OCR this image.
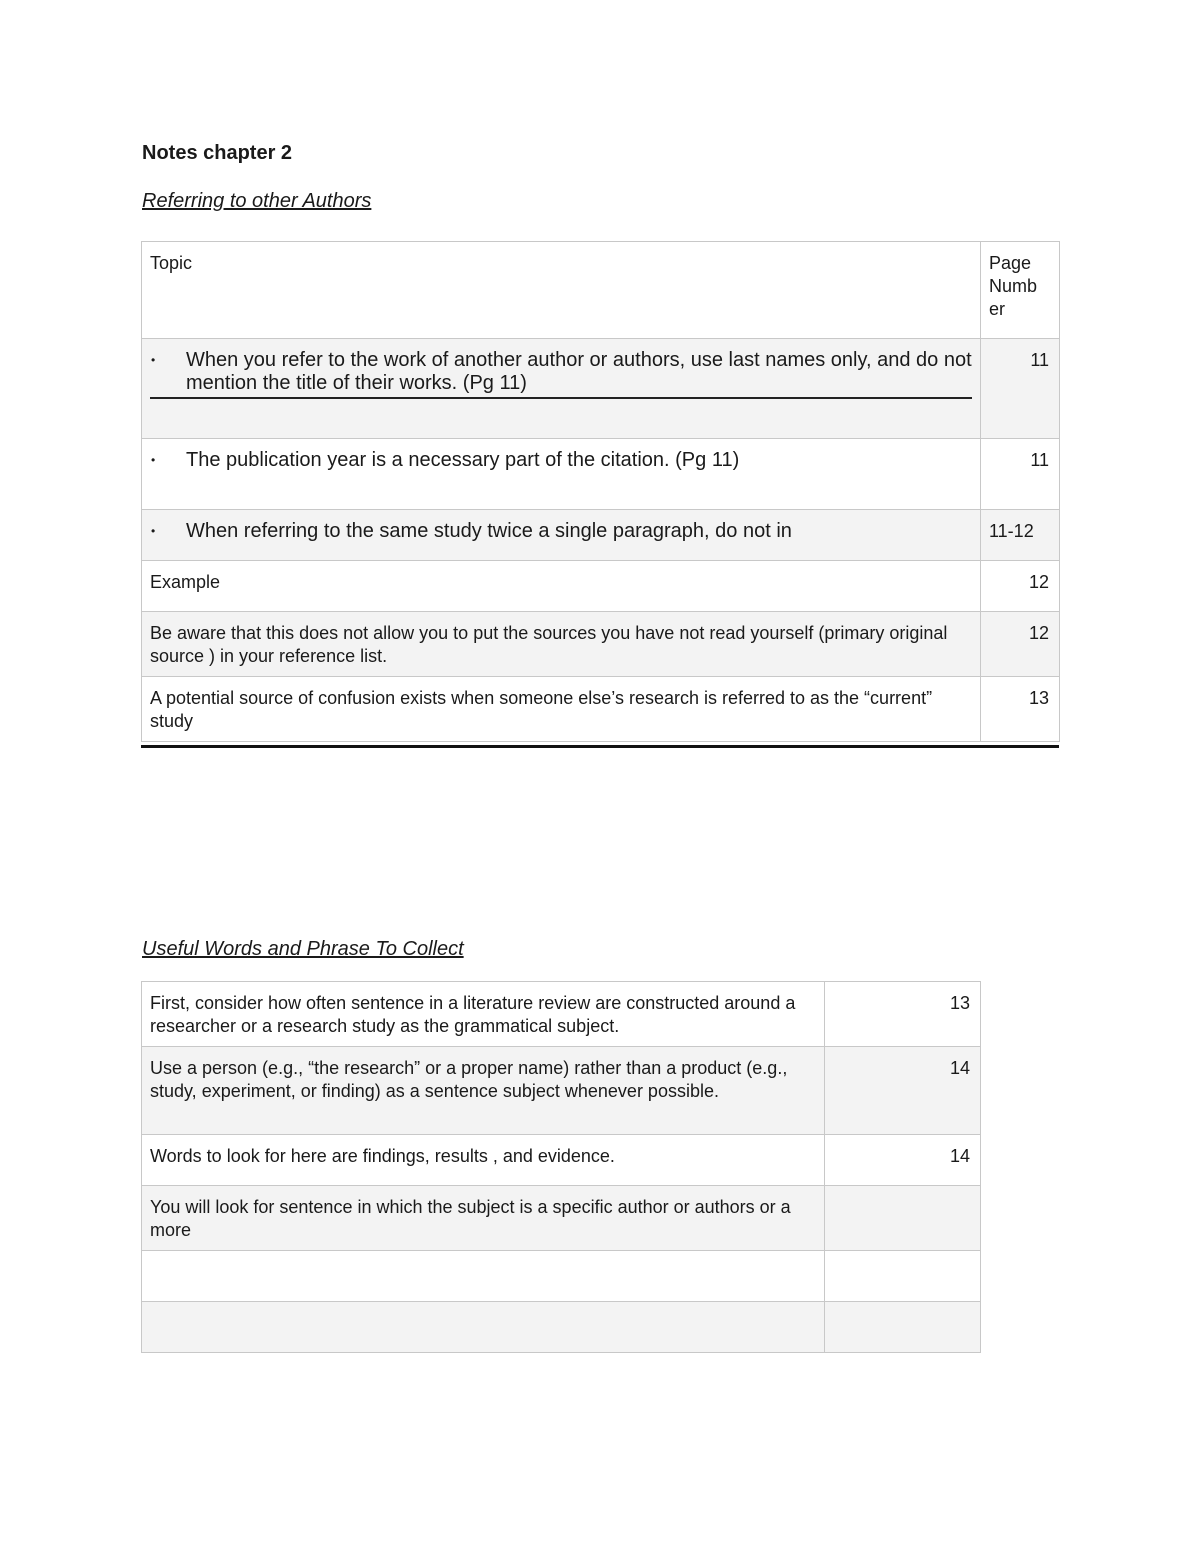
Notes chapter 2
Referring to other Authors
Topic	Page Numb er

• When you refer to the work of another author or authors, use last names only, and do not mention the title of their works. (Pg 11)	11

• The publication year is a necessary part of the citation. (Pg 11)	11

• When referring to the same study twice a single paragraph, do not in	11-12
Example	12
Be aware that this does not allow you to put the sources you have not read yourself (primary original source ) in your reference list.	12
A potential source of confusion exists when someone else’s research is referred to as the “current” study	13
Useful Words and Phrase To Collect
First, consider how often sentence in a literature review are constructed around a researcher or a research study as the grammatical subject.	13
Use a person (e.g., “the research” or a proper name) rather than a product (e.g., study, experiment, or finding) as a sentence subject whenever possible.	14
Words to look for here are findings, results , and evidence.	14
You will look for sentence in which the subject is a specific author or authors or a more	
